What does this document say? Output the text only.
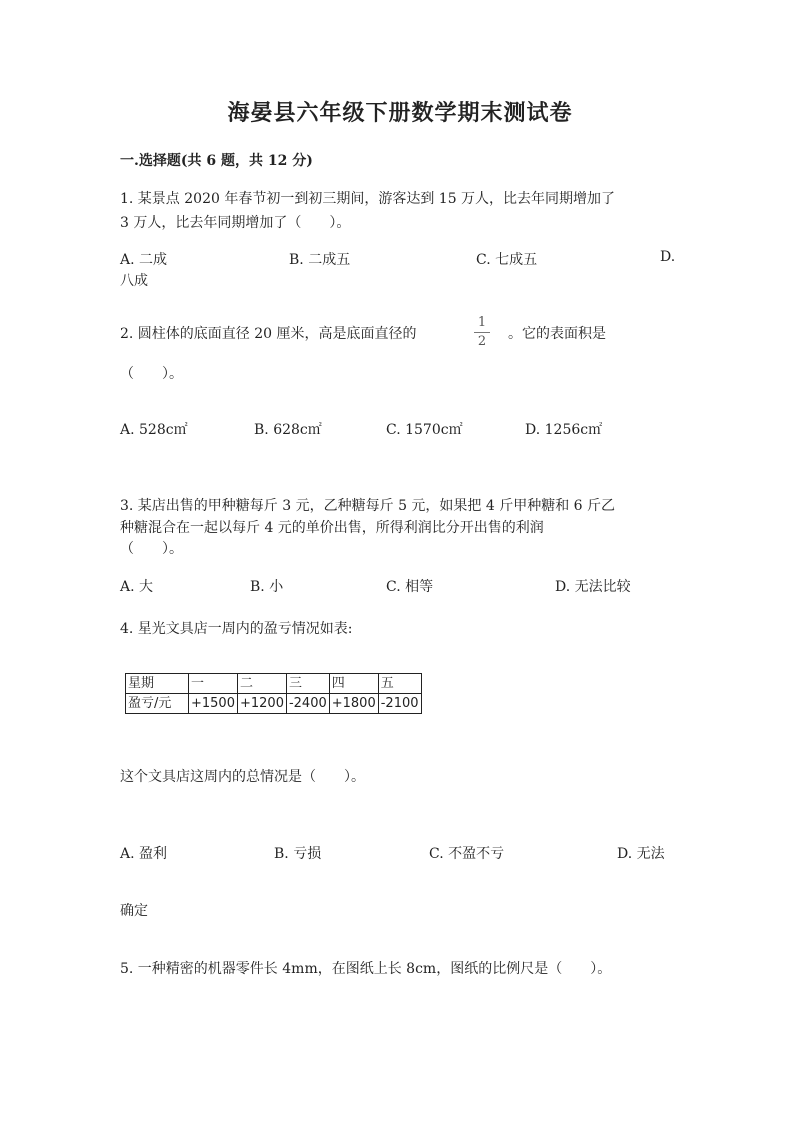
海晏县六年级下册数学期末测试卷
一.选择题(共 6 题，共 12 分)
1. 某景点 2020 年春节初一到初三期间，游客达到 15 万人，比去年同期增加了
3 万人，比去年同期增加了（　　）。
A. 二成	B. 二成五	C. 七成五	D.
八成
2. 圆柱体的底面直径 20 厘米，高是底面直径的
1
2 。它的表面积是
（　　）。
A. 528c㎡	B. 628c㎡	C. 1570c㎡	D. 1256c㎡
3. 某店出售的甲种糖每斤 3 元，乙种糖每斤 5 元，如果把 4 斤甲种糖和 6 斤乙
种糖混合在一起以每斤 4 元的单价出售，所得利润比分开出售的利润
（　　）。
A. 大	B. 小	C. 相等	D. 无法比较
4. 星光文具店一周内的盈亏情况如表:
星期	一	二	三	四	五
盈亏/元	+1500	+1200	-2400	+1800	-2100
这个文具店这周内的总情况是（　　）。
A. 盈利	B. 亏损	C. 不盈不亏	D. 无法
确定
5. 一种精密的机器零件长 4mm，在图纸上长 8cm，图纸的比例尺是（　　）。
